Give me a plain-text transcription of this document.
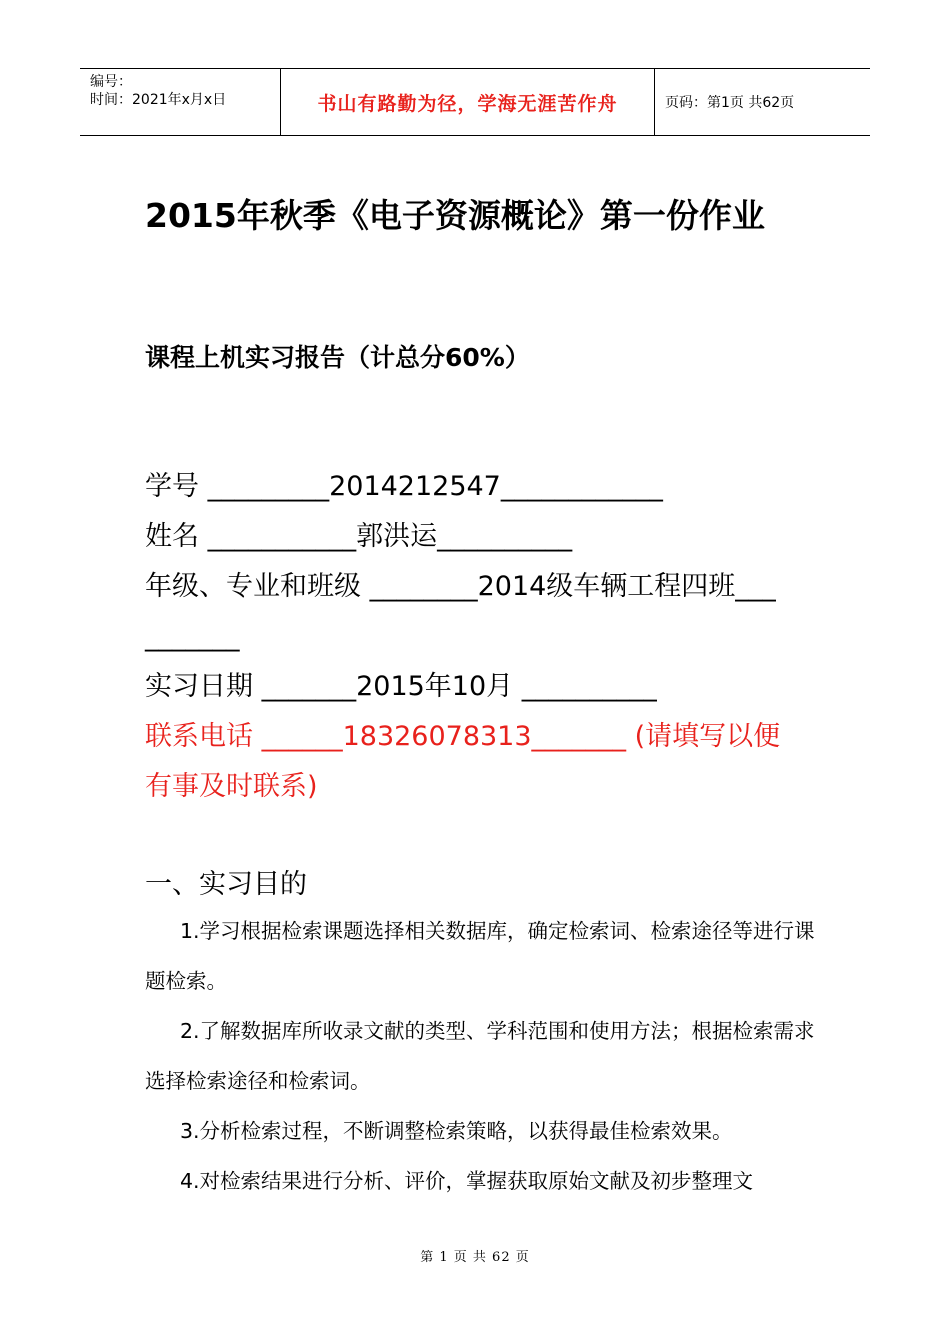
编号：
时间：2021年x月x日	书山有路勤为径，学海无涯苦作舟	页码：第1页 共62页
2015年秋季《电子资源概论》第一份作业
课程上机实习报告（计总分60%）
学号 _________2014212547____________
姓名 ___________郭洪运__________
年级、专业和班级 ________2014级车辆工程四班___
_______
实习日期 _______2015年10月 __________
联系电话 ______18326078313_______ (请填写以便
有事及时联系)
一、实习目的

1.学习根据检索课题选择相关数据库，确定检索词、检索途径等进行课题检索。

2.了解数据库所收录文献的类型、学科范围和使用方法；根据检索需求选择检索途径和检索词。

3.分析检索过程，不断调整检索策略，以获得最佳检索效果。

4.对检索结果进行分析、评价，掌握获取原始文献及初步整理文

第 1 页 共 62 页
